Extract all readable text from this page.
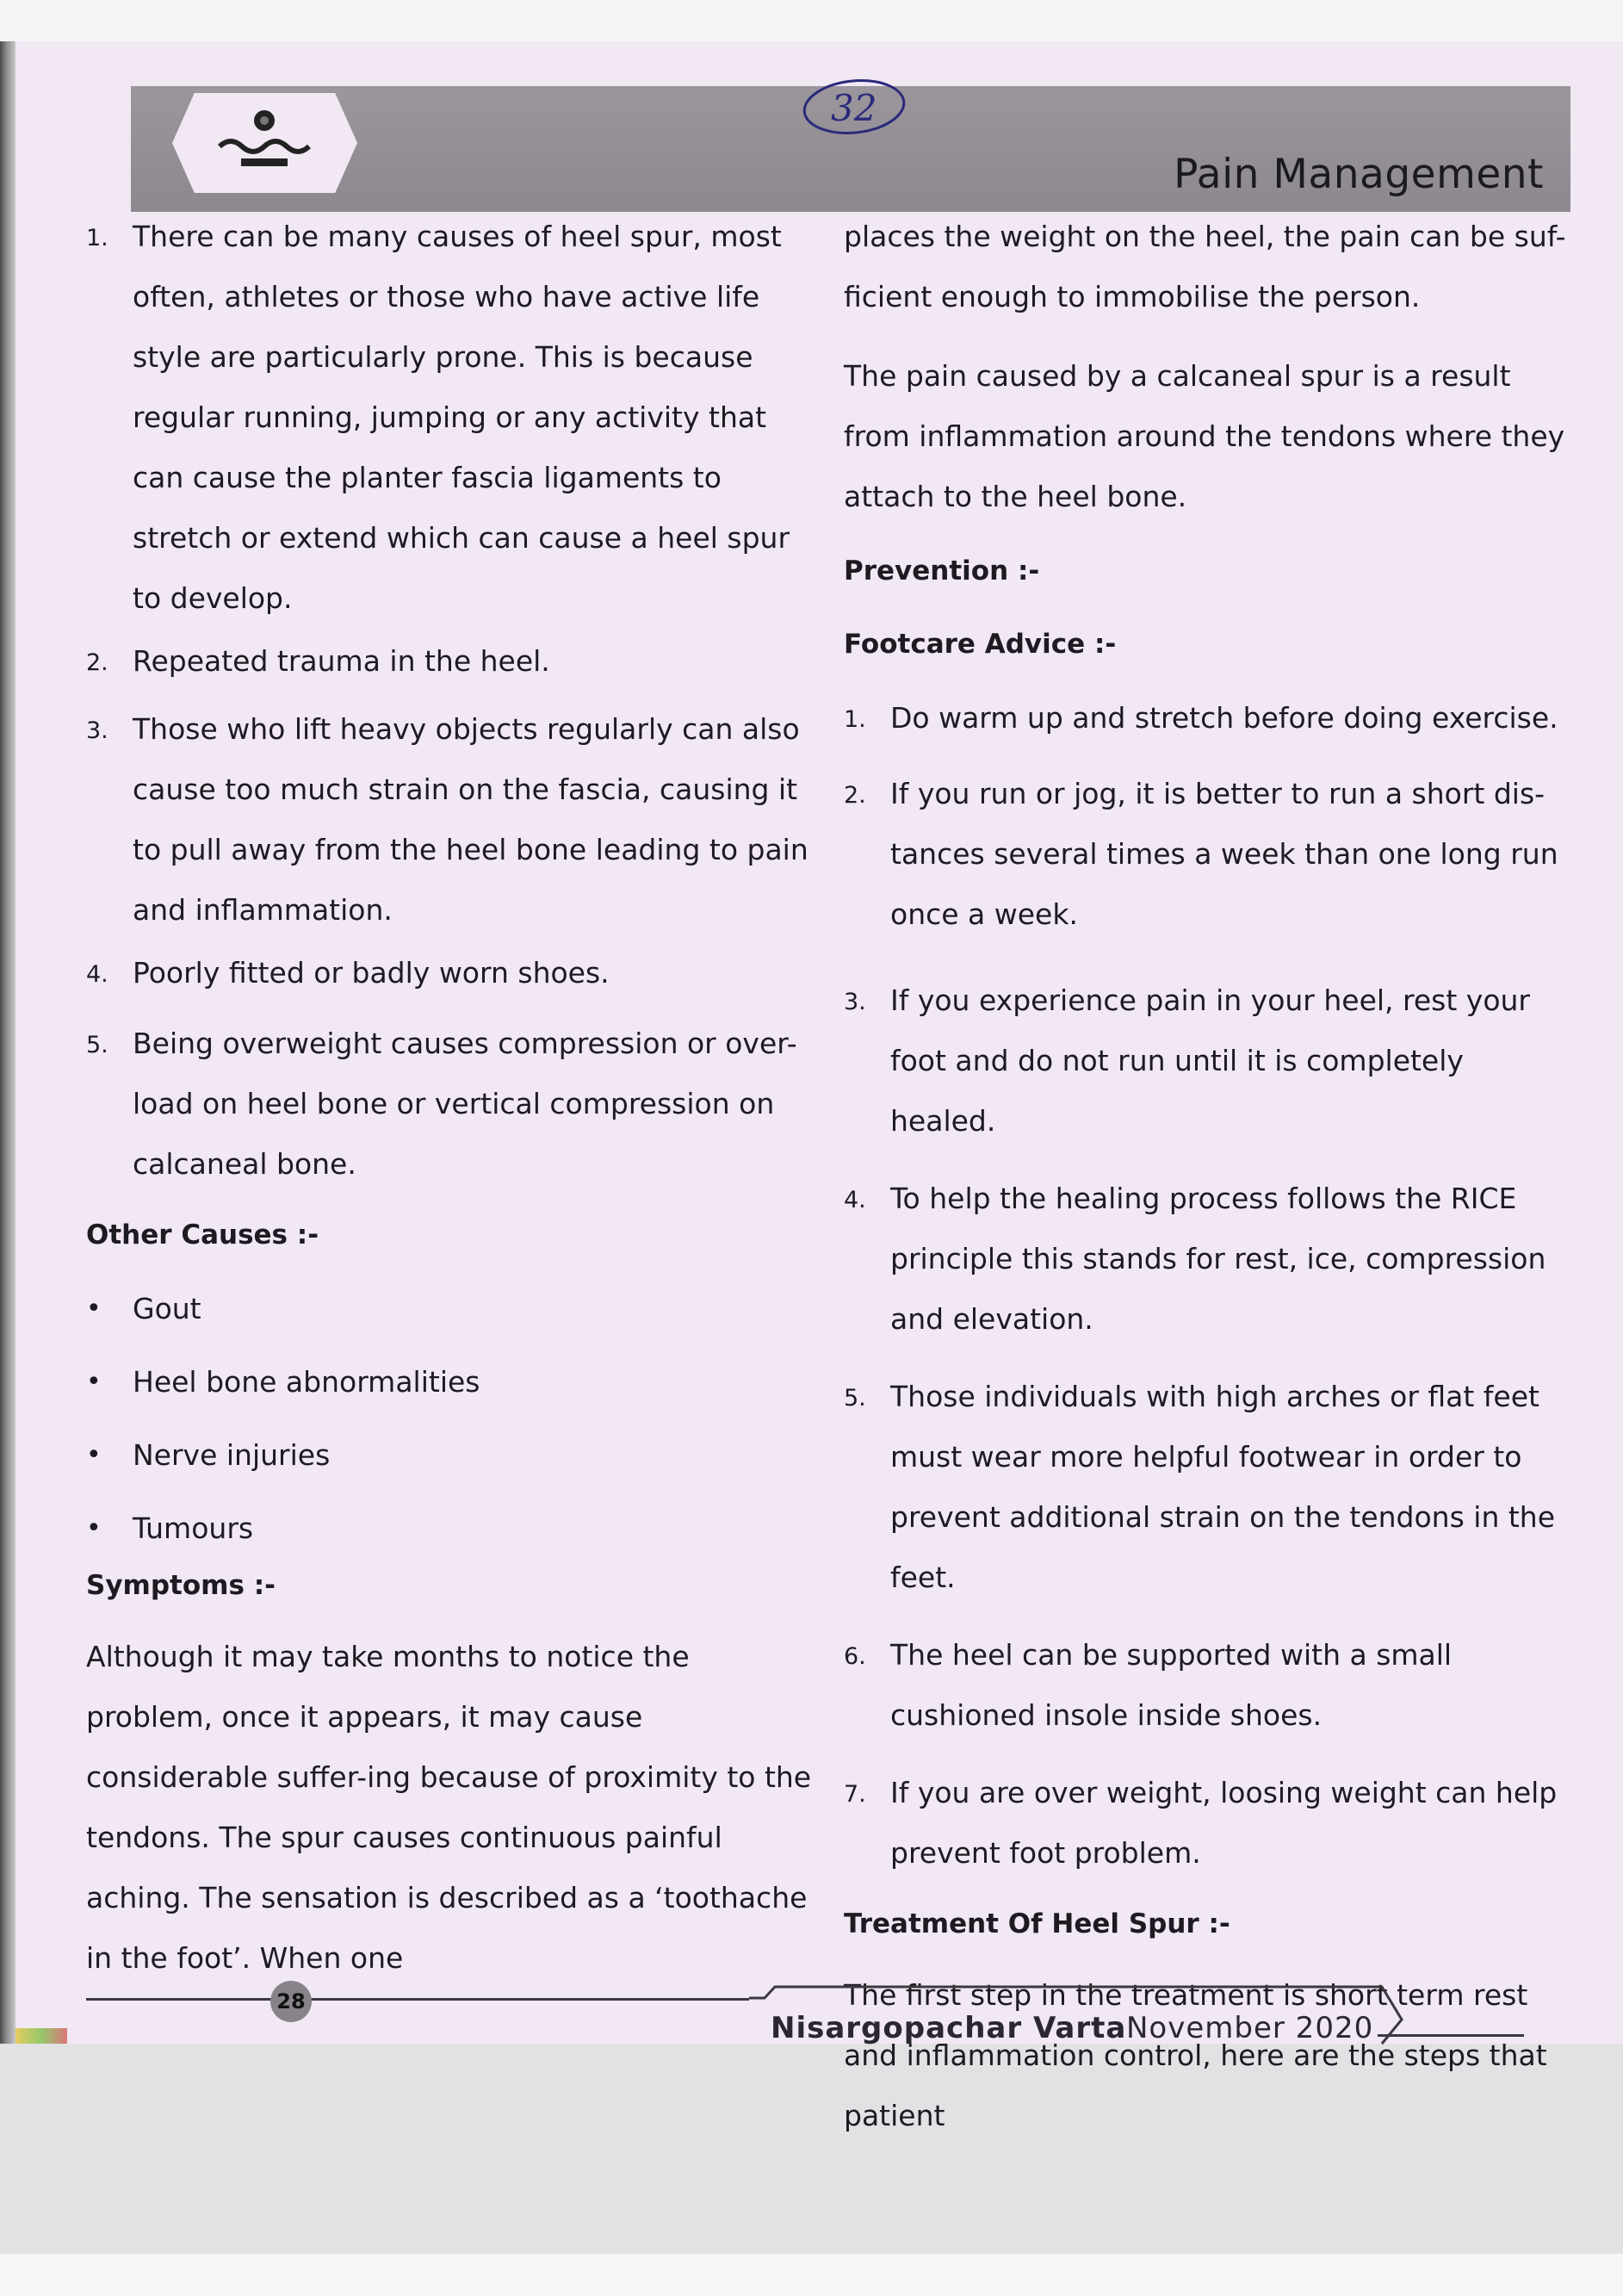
Pain Management
32
1. There can be many causes of heel spur, most often, athletes or those who have active life style are particularly prone. This is because regular running, jumping or any activity that can cause the planter fascia ligaments to stretch or extend which can cause a heel spur to develop.
2. Repeated trauma in the heel.
3. Those who lift heavy objects regularly can also cause too much strain on the fascia, causing it to pull away from the heel bone leading to pain and inflammation.
4. Poorly fitted or badly worn shoes.
5. Being overweight causes compression or over-load on heel bone or vertical compression on calcaneal bone.
Other Causes :-
•	Gout
•	Heel bone abnormalities
•	Nerve injuries
•	Tumours
Symptoms :-
Although it may take months to notice the problem, once it appears, it may cause considerable suffer-ing because of proximity to the tendons. The spur causes continuous painful aching. The sensation is described as a ‘toothache in the foot’. When one
places the weight on the heel, the pain can be suf-ficient enough to immobilise the person.
The pain caused by a calcaneal spur is a result from inflammation around the tendons where they attach to the heel bone.
Prevention :-
Footcare Advice :-
1. Do warm up and stretch before doing exercise.
2. If you run or jog, it is better to run a short dis-tances several times a week than one long run once a week.
3. If you experience pain in your heel, rest your foot and do not run until it is completely healed.
4. To help the healing process follows the RICE principle this stands for rest, ice, compression and elevation.
5. Those individuals with high arches or flat feet must wear more helpful footwear in order to prevent additional strain on the tendons in the feet.
6. The heel can be supported with a small cushioned insole inside shoes.
7. If you are over weight, loosing weight can help prevent foot problem.
Treatment Of Heel Spur :-
The first step in the treatment is short term rest and inflammation control, here are the steps that patient
28
Nisargopachar Varta November 2020
